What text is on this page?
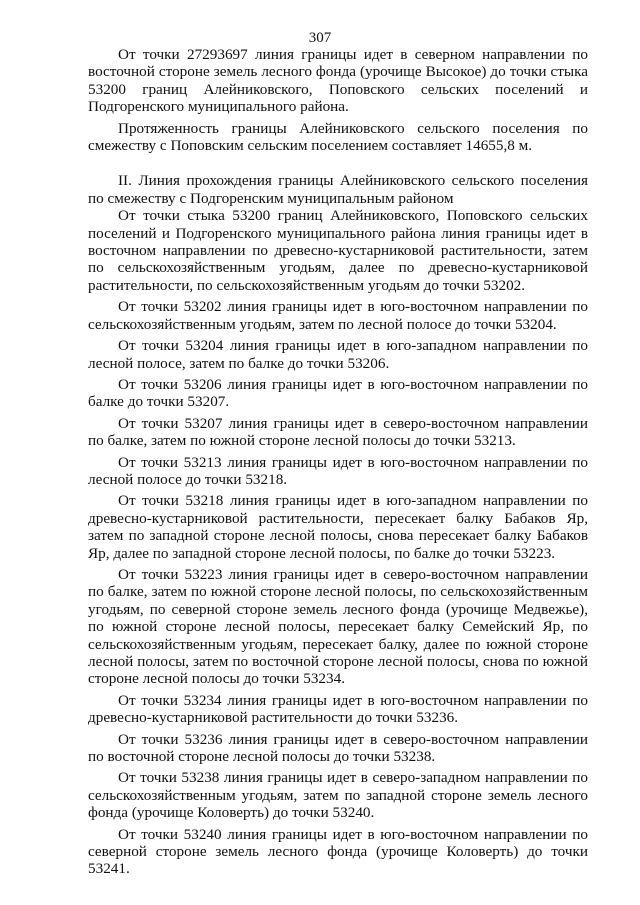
307

От точки 27293697 линия границы идет в северном направлении по восточной стороне земель лесного фонда (урочище Высокое) до точки стыка 53200 границ Алейниковского, Поповского сельских поселений и Подгоренского муниципального района.

Протяженность границы Алейниковского сельского поселения по смежеству с Поповским сельским поселением составляет 14655,8 м.

II. Линия прохождения границы Алейниковского сельского поселения по смежеству с Подгоренским муниципальным районом

От точки стыка 53200 границ Алейниковского, Поповского сельских поселений и Подгоренского муниципального района линия границы идет в восточном направлении по древесно-кустарниковой растительности, затем по сельскохозяйственным угодьям, далее по древесно-кустарниковой растительности, по сельскохозяйственным угодьям до точки 53202.

От точки 53202 линия границы идет в юго-восточном направлении по сельскохозяйственным угодьям, затем по лесной полосе до точки 53204.

От точки 53204 линия границы идет в юго-западном направлении по лесной полосе, затем по балке до точки 53206.

От точки 53206 линия границы идет в юго-восточном направлении по балке до точки 53207.

От точки 53207 линия границы идет в северо-восточном направлении по балке, затем по южной стороне лесной полосы до точки 53213.

От точки 53213 линия границы идет в юго-восточном направлении по лесной полосе до точки 53218.

От точки 53218 линия границы идет в юго-западном направлении по древесно-кустарниковой растительности, пересекает балку Бабаков Яр, затем по западной стороне лесной полосы, снова пересекает балку Бабаков Яр, далее по западной стороне лесной полосы, по балке до точки 53223.

От точки 53223 линия границы идет в северо-восточном направлении по балке, затем по южной стороне лесной полосы, по сельскохозяйственным угодьям, по северной стороне земель лесного фонда (урочище Медвежье), по южной стороне лесной полосы, пересекает балку Семейский Яр, по сельскохозяйственным угодьям, пересекает балку, далее по южной стороне лесной полосы, затем по восточной стороне лесной полосы, снова по южной стороне лесной полосы до точки 53234.

От точки 53234 линия границы идет в юго-восточном направлении по древесно-кустарниковой растительности до точки 53236.

От точки 53236 линия границы идет в северо-восточном направлении по восточной стороне лесной полосы до точки 53238.

От точки 53238 линия границы идет в северо-западном направлении по сельскохозяйственным угодьям, затем по западной стороне земель лесного фонда (урочище Коловерть) до точки 53240.

От точки 53240 линия границы идет в юго-восточном направлении по северной стороне земель лесного фонда (урочище Коловерть) до точки 53241.
